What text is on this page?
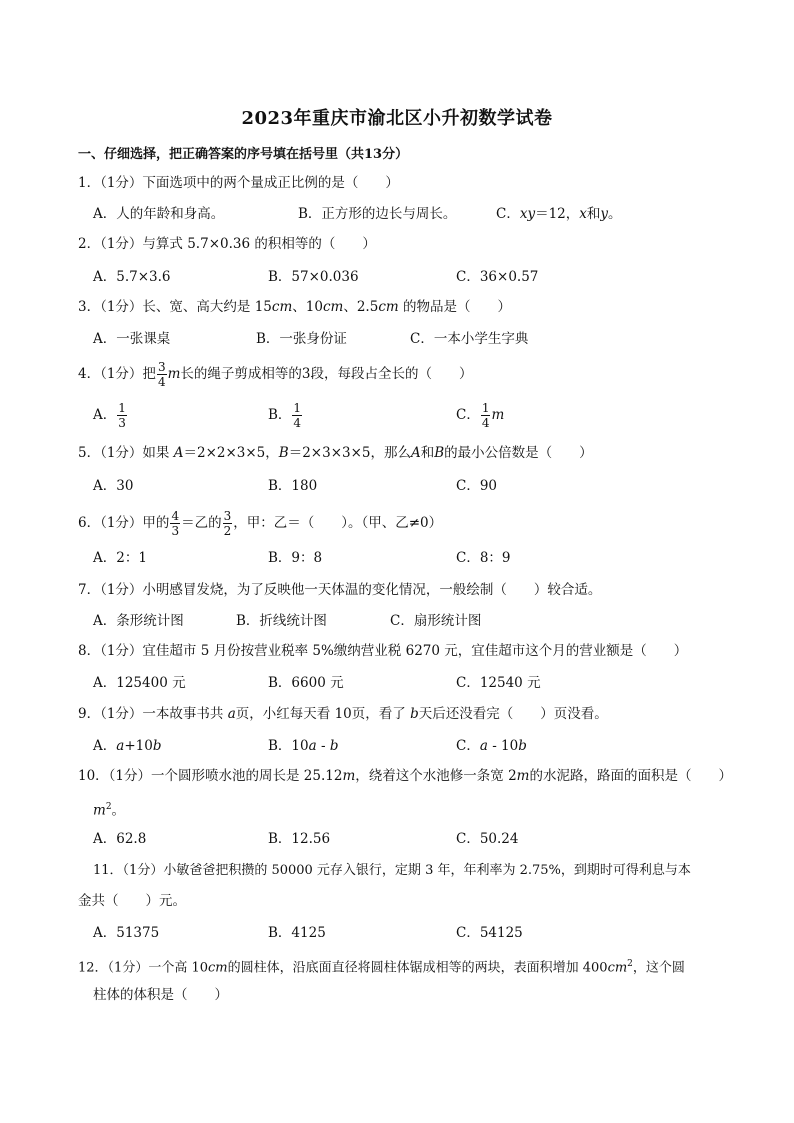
2023年重庆市渝北区小升初数学试卷
一、仔细选择，把正确答案的序号填在括号里（共13分）
1．（1分）下面选项中的两个量成正比例的是（　　）
A．人的年龄和身高。	B．正方形的边长与周长。	C．xy＝12，x和y。
2．（1分）与算式 5.7×0.36 的积相等的（　　）
A．5.7×3.6	B．57×0.036	C．36×0.57
3．（1分）长、宽、高大约是 15cm、10cm、2.5cm 的物品是（　　）
A．一张课桌	B．一张身份证	C．一本小学生字典
4．（1分）把 $\frac{3}{4}$ m长的绳子剪成相等的3段，每段占全长的（　　）
A． $\frac{1}{3}$	B． $\frac{1}{4}$	C． $\frac{1}{4}$ m
5．（1分）如果 A＝2×2×3×5，B＝2×3×3×5，那么A和B的最小公倍数是（　　）
A．30	B．180	C．90
6．（1分）甲的 $\frac{4}{3}$ ＝乙的 $\frac{3}{2}$ ，甲：乙＝（　　）。（甲、乙≠0）
A．2：1	B．9：8	C．8：9
7．（1分）小明感冒发烧，为了反映他一天体温的变化情况，一般绘制（　　）较合适。
A．条形统计图	B．折线统计图	C．扇形统计图
8．（1分）宜佳超市 5 月份按营业税率 5%缴纳营业税 6270 元，宜佳超市这个月的营业额是（　　）
A．125400 元	B．6600 元	C．12540 元
9．（1分）一本故事书共 a页，小红每天看 10页，看了 b天后还没看完（　　）页没看。
A．a+10b	B．10a - b	C．a - 10b
10．（1分）一个圆形喷水池的周长是 25.12m，绕着这个水池修一条宽 2m的水泥路，路面的面积是（　　）
$m^2$。
A．62.8	B．12.56	C．50.24
11．（1分）小敏爸爸把积攒的 50000 元存入银行，定期 3 年，年利率为 2.75%，到期时可得利息与本
金共（　　）元。
A．51375	B．4125	C．54125
12．（1分）一个高 10cm的圆柱体，沿底面直径将圆柱体锯成相等的两块，表面积增加 $400cm^2$，这个圆
柱体的体积是（　　）
